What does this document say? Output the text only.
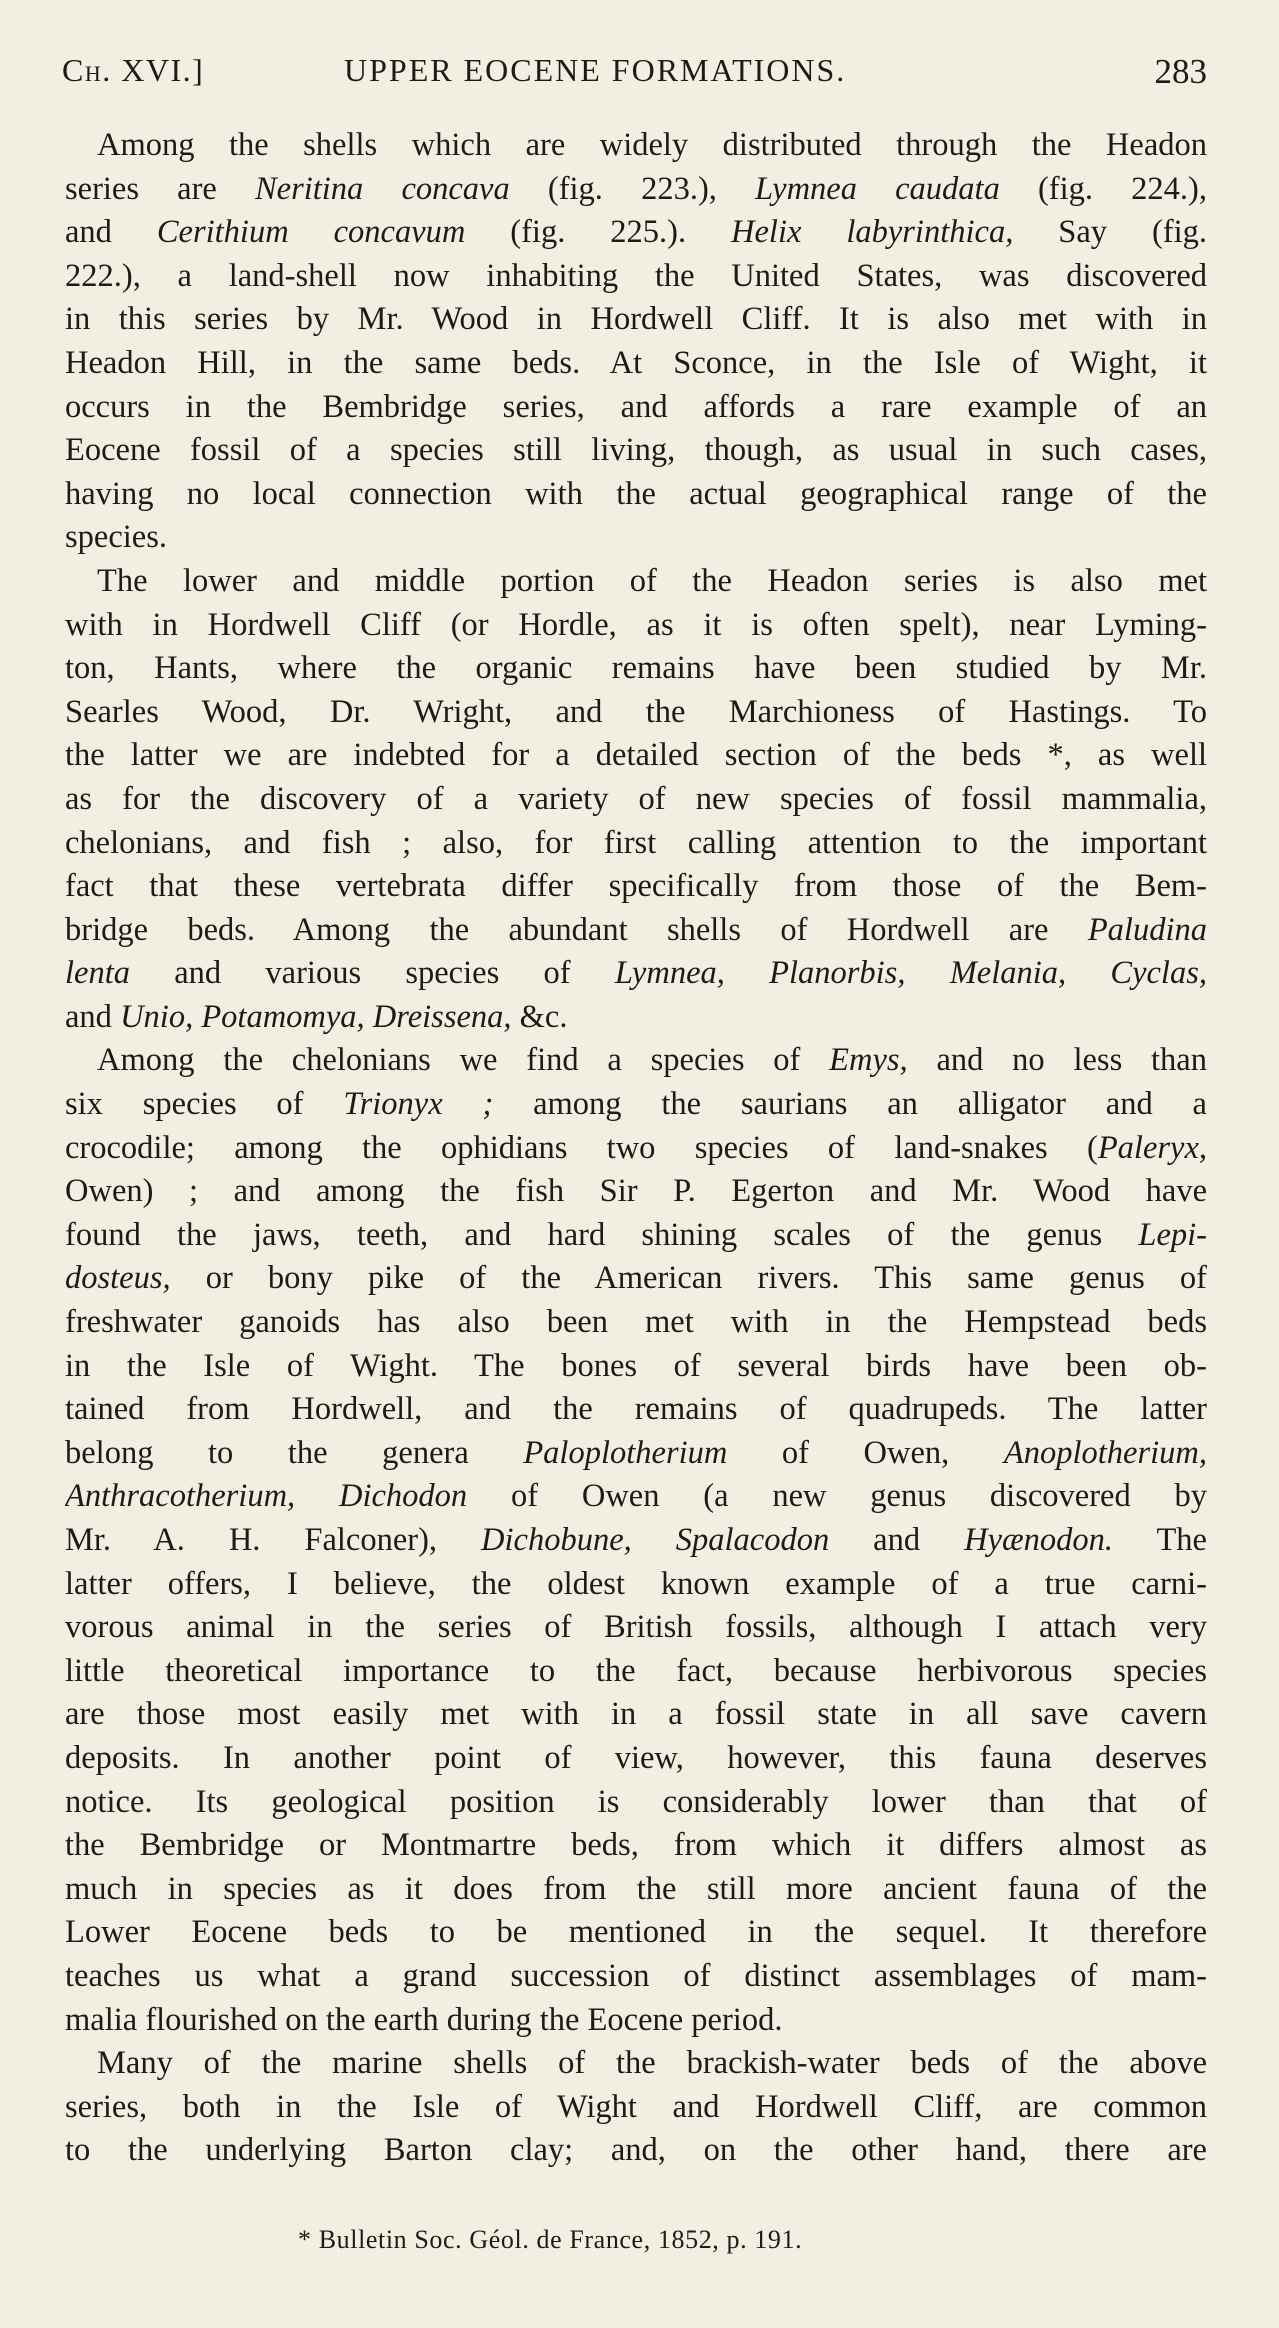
Ch. XVI.]	UPPER EOCENE FORMATIONS.	283

Among the shells which are widely distributed through the Headon
series are Neritina concava (fig. 223.), Lymnea caudata (fig. 224.),
and Cerithium concavum (fig. 225.). Helix labyrinthica, Say (fig.
222.), a land-shell now inhabiting the United States, was discovered
in this series by Mr. Wood in Hordwell Cliff. It is also met with in
Headon Hill, in the same beds. At Sconce, in the Isle of Wight, it
occurs in the Bembridge series, and affords a rare example of an
Eocene fossil of a species still living, though, as usual in such cases,
having no local connection with the actual geographical range of the
species.

The lower and middle portion of the Headon series is also met
with in Hordwell Cliff (or Hordle, as it is often spelt), near Lyming-
ton, Hants, where the organic remains have been studied by Mr.
Searles Wood, Dr. Wright, and the Marchioness of Hastings. To
the latter we are indebted for a detailed section of the beds *, as well
as for the discovery of a variety of new species of fossil mammalia,
chelonians, and fish ; also, for first calling attention to the important
fact that these vertebrata differ specifically from those of the Bem-
bridge beds. Among the abundant shells of Hordwell are Paludina
lenta and various species of Lymnea, Planorbis, Melania, Cyclas,
and Unio, Potamomya, Dreissena, &c.

Among the chelonians we find a species of Emys, and no less than
six species of Trionyx ; among the saurians an alligator and a
crocodile; among the ophidians two species of land-snakes (Paleryx,
Owen) ; and among the fish Sir P. Egerton and Mr. Wood have
found the jaws, teeth, and hard shining scales of the genus Lepi-
dosteus, or bony pike of the American rivers. This same genus of
freshwater ganoids has also been met with in the Hempstead beds
in the Isle of Wight. The bones of several birds have been ob-
tained from Hordwell, and the remains of quadrupeds. The latter
belong to the genera Paloplotherium of Owen, Anoplotherium,
Anthracotherium, Dichodon of Owen (a new genus discovered by
Mr. A. H. Falconer), Dichobune, Spalacodon and Hyænodon. The
latter offers, I believe, the oldest known example of a true carni-
vorous animal in the series of British fossils, although I attach very
little theoretical importance to the fact, because herbivorous species
are those most easily met with in a fossil state in all save cavern
deposits. In another point of view, however, this fauna deserves
notice. Its geological position is considerably lower than that of
the Bembridge or Montmartre beds, from which it differs almost as
much in species as it does from the still more ancient fauna of the
Lower Eocene beds to be mentioned in the sequel. It therefore
teaches us what a grand succession of distinct assemblages of mam-
malia flourished on the earth during the Eocene period.

Many of the marine shells of the brackish-water beds of the above
series, both in the Isle of Wight and Hordwell Cliff, are common
to the underlying Barton clay; and, on the other hand, there are

* Bulletin Soc. Géol. de France, 1852, p. 191.
